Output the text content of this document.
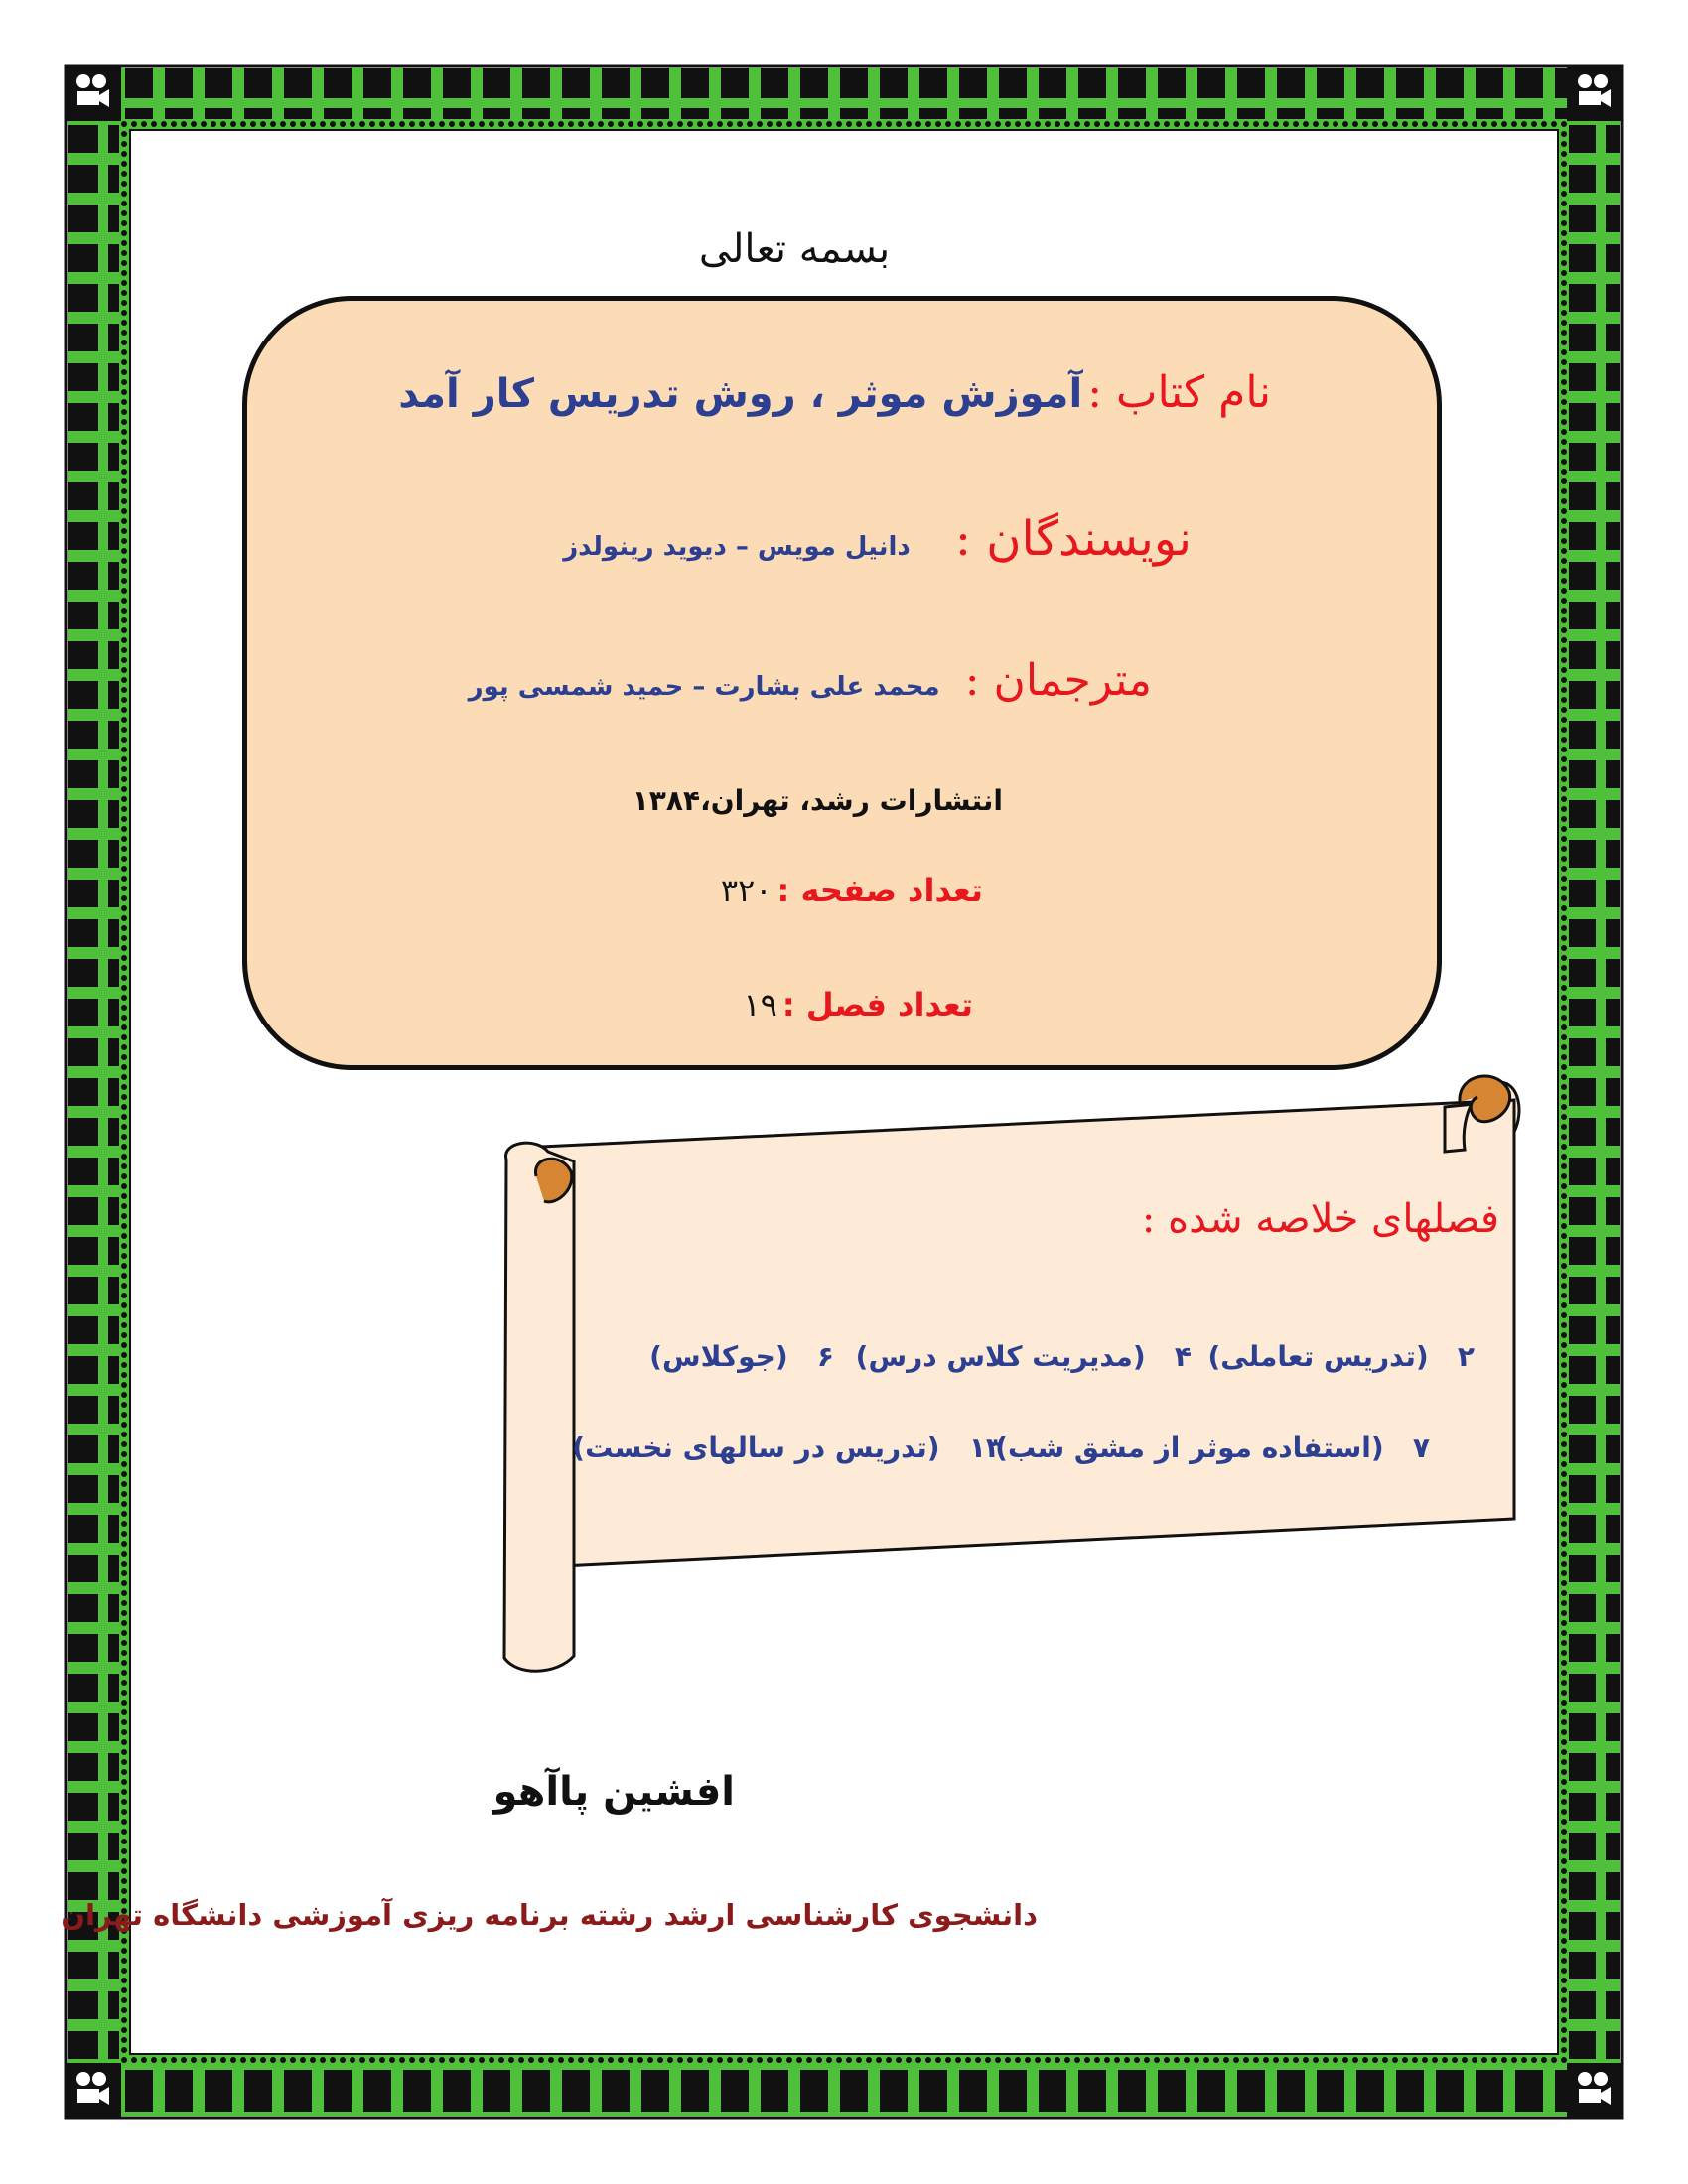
بسمه تعالی
نام کتاب : آموزش موثر ، روش تدریس کار آمد
نویسندگان : دانیل مویس – دیوید رینولدز
مترجمان : محمد علی بشارت – حمید شمسی پور
انتشارات رشد، تهران،۱۳۸۴
تعداد صفحه : ۳۲۰
تعداد فصل : ۱۹
فصلهای خلاصه شده :
۲   (تدریس تعاملی)
۴   (مدیریت کلاس درس)
۶   (جوکلاس)
۷   (استفاده موثر از مشق شب)
۱۳   (تدریس در سالهای نخست)
افشین پاآهو
دانشجوی کارشناسی ارشد رشته برنامه ریزی آموزشی دانشگاه تهران
